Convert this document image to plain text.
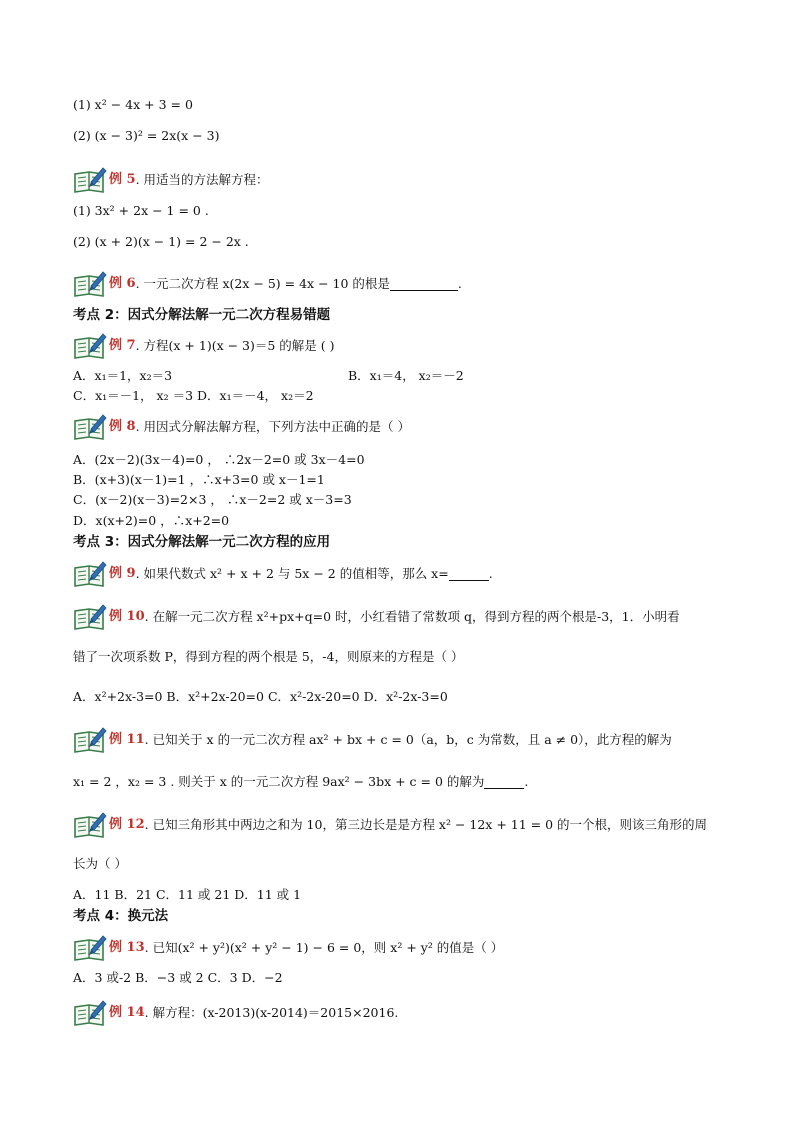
(1) x² − 4x + 3 = 0
(2) (x − 3)² = 2x(x − 3)
例 5 . 用适当的方法解方程：
(1) 3x² + 2x − 1 = 0 .
(2) (x + 2)(x − 1) = 2 − 2x .
例 6 . 一元二次方程 x(2x − 5) = 4x − 10 的根是	.
考点 2：因式分解法解一元二次方程易错题
例 7 . 方程(x + 1)(x − 3)＝5 的解是 ( )
A．x₁＝1，x₂＝3	B．x₁＝4， x₂＝－2
C．x₁＝－1， x₂ ＝3 D．x₁＝－4， x₂＝2
例 8 . 用因式分解法解方程，下列方法中正确的是（ ）
A．(2x－2)(3x－4)=0 ， ∴2x－2=0 或 3x－4=0
B．(x+3)(x－1)=1 ，∴x+3=0 或 x－1=1
C．(x－2)(x－3)=2×3 ， ∴x－2=2 或 x－3=3
D．x(x+2)=0 ，∴x+2=0
考点 3：因式分解法解一元二次方程的应用
例 9 . 如果代数式 x² + x + 2 与 5x − 2 的值相等，那么 x=	.
例 10 . 在解一元二次方程 x²+px+q=0 时，小红看错了常数项 q，得到方程的两个根是-3，1．小明看
错了一次项系数 P，得到方程的两个根是 5，-4，则原来的方程是（ ）
A．x²+2x-3=0 B．x²+2x-20=0 C．x²-2x-20=0 D．x²-2x-3=0
例 11 . 已知关于 x 的一元二次方程 ax² + bx + c = 0（a，b，c 为常数，且 a ≠ 0），此方程的解为
x₁ = 2 ，x₂ = 3 . 则关于 x 的一元二次方程 9ax² − 3bx + c = 0 的解为	.
例 12 . 已知三角形其中两边之和为 10，第三边长是是方程 x² − 12x + 11 = 0 的一个根，则该三角形的周
长为（ ）
A．11 B．21 C．11 或 21 D．11 或 1
考点 4：换元法
例 13 . 已知(x² + y²)(x² + y² − 1) − 6 = 0，则 x² + y² 的值是（ ）
A．3 或-2 B．−3 或 2 C．3 D．−2
例 14 . 解方程：(x-2013)(x-2014)＝2015×2016.
